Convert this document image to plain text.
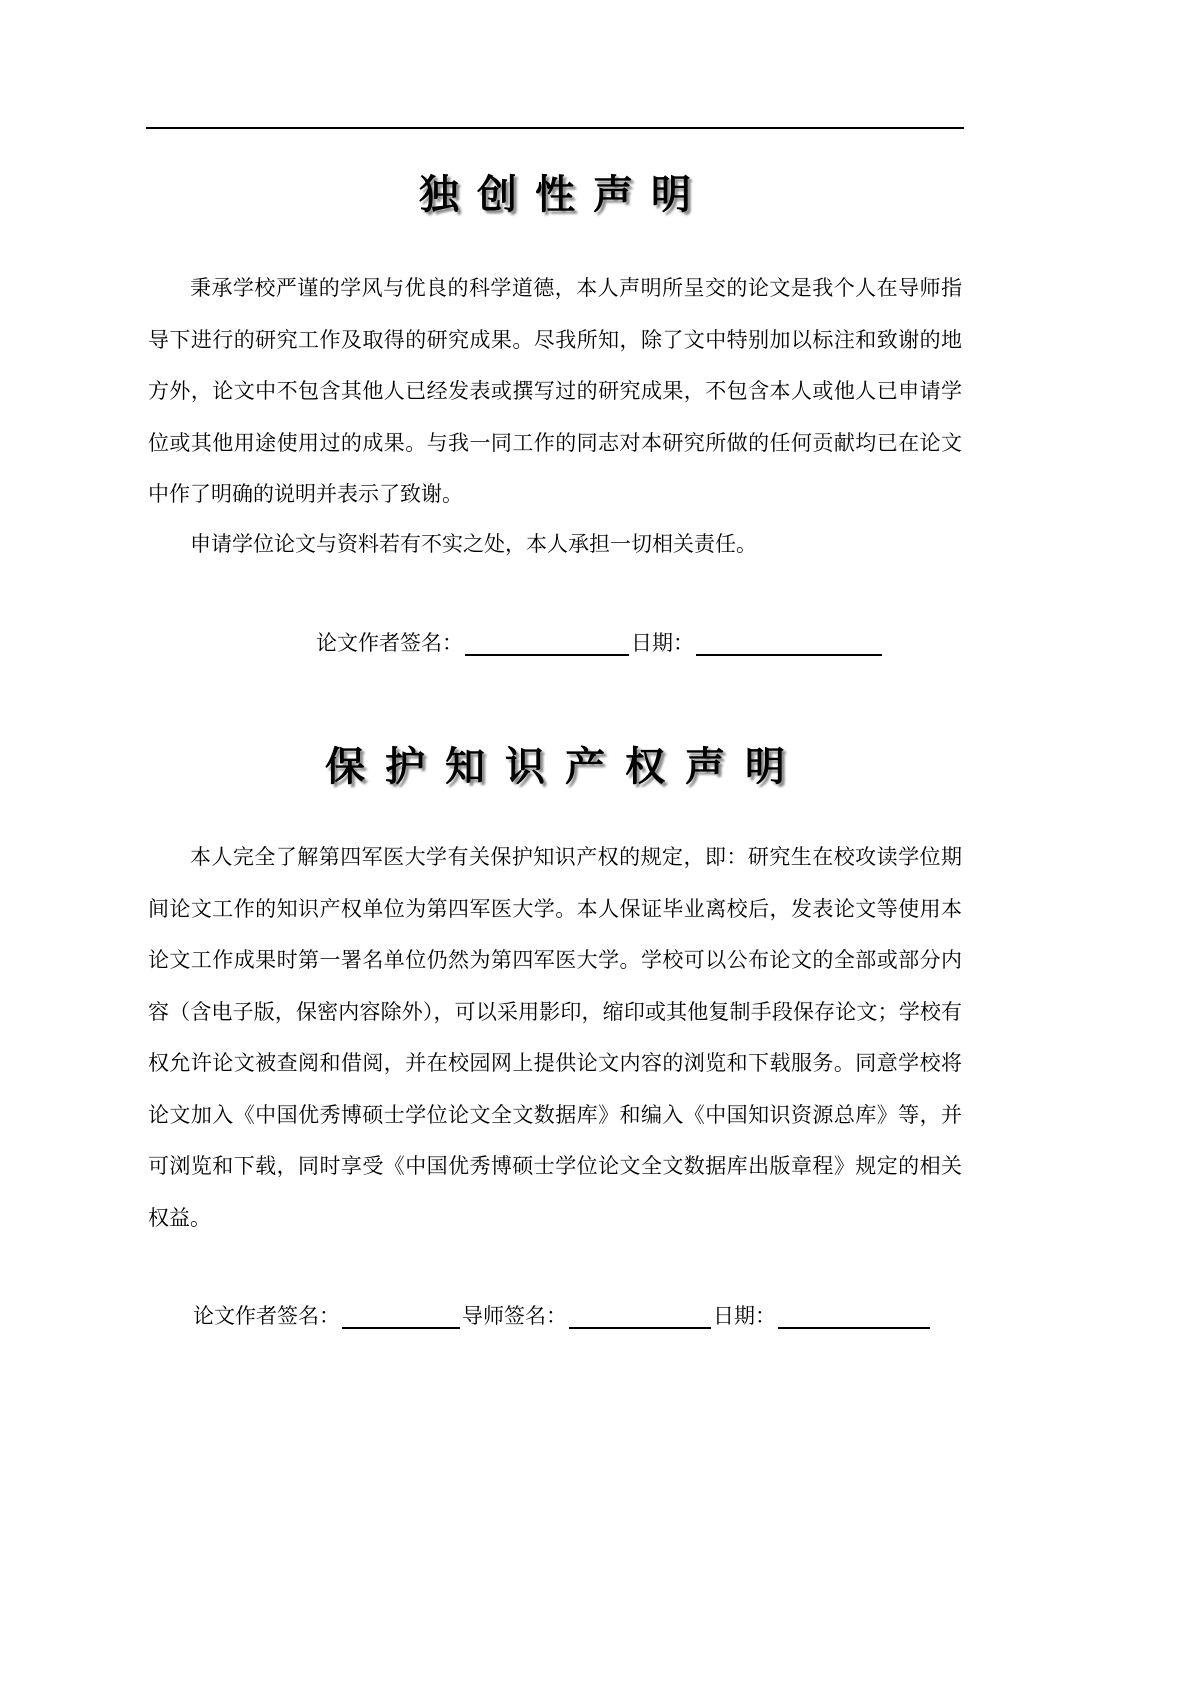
独创性声明

秉承学校严谨的学风与优良的科学道德，本人声明所呈交的论文是我个人在导师指导下进行的研究工作及取得的研究成果。尽我所知，除了文中特别加以标注和致谢的地方外，论文中不包含其他人已经发表或撰写过的研究成果，不包含本人或他人已申请学位或其他用途使用过的成果。与我一同工作的同志对本研究所做的任何贡献均已在论文中作了明确的说明并表示了致谢。

申请学位论文与资料若有不实之处，本人承担一切相关责任。

论文作者签名：	日期：
保护知识产权声明

本人完全了解第四军医大学有关保护知识产权的规定，即：研究生在校攻读学位期间论文工作的知识产权单位为第四军医大学。本人保证毕业离校后，发表论文等使用本论文工作成果时第一署名单位仍然为第四军医大学。学校可以公布论文的全部或部分内容（含电子版，保密内容除外），可以采用影印，缩印或其他复制手段保存论文；学校有权允许论文被查阅和借阅，并在校园网上提供论文内容的浏览和下载服务。同意学校将论文加入《中国优秀博硕士学位论文全文数据库》和编入《中国知识资源总库》等，并可浏览和下载，同时享受《中国优秀博硕士学位论文全文数据库出版章程》规定的相关权益。

论文作者签名：	导师签名：	日期：
